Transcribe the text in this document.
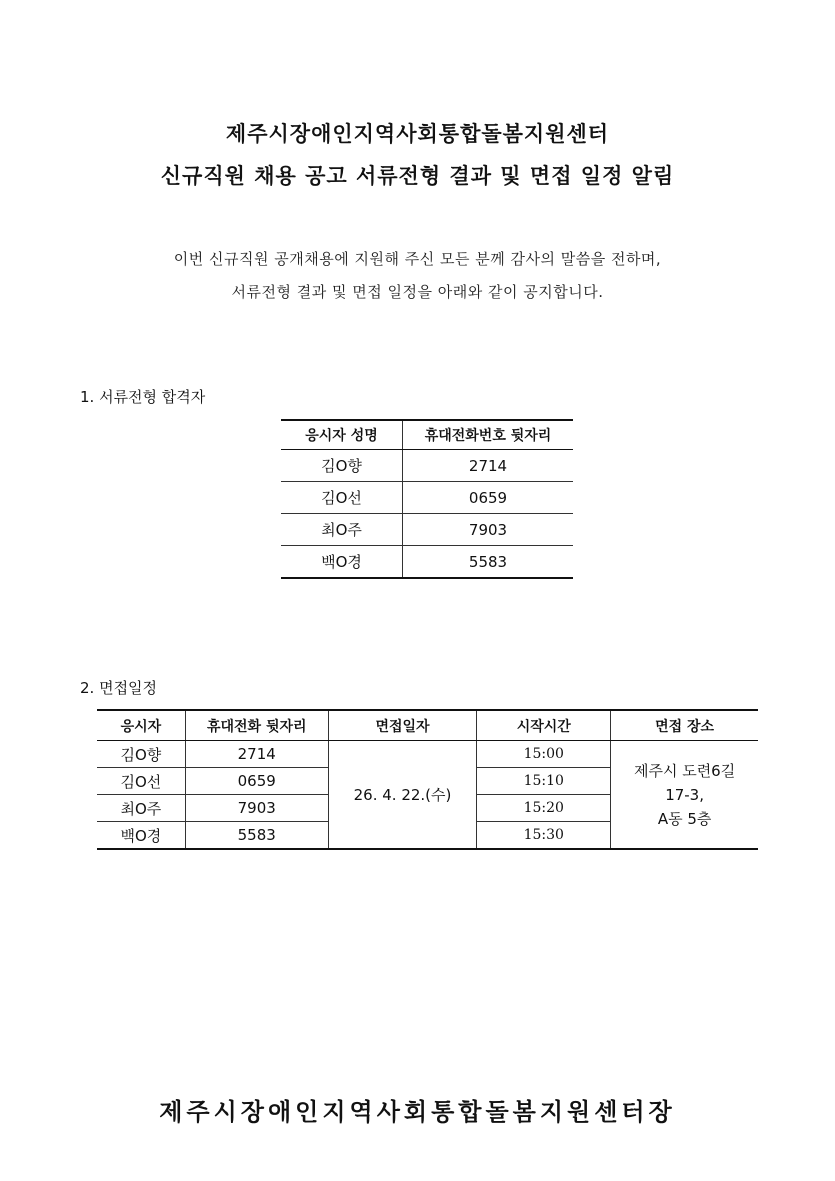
제주시장애인지역사회통합돌봄지원센터
신규직원 채용 공고 서류전형 결과 및 면접 일정 알림
이번 신규직원 공개채용에 지원해 주신 모든 분께 감사의 말씀을 전하며,
서류전형 결과 및 면접 일정을 아래와 같이 공지합니다.
1. 서류전형 합격자
응시자 성명	휴대전화번호 뒷자리
김O향	2714
김O선	0659
최O주	7903
백O경	5583
2. 면접일정
응시자	휴대전화 뒷자리	면접일자	시작시간	면접 장소
김O향	2714	26. 4. 22.(수)	15:00	제주시 도련6길
17-3,
A동 5층

김O선	0659		15:10	
최O주	7903		15:20	
백O경	5583		15:30	
제주시장애인지역사회통합돌봄지원센터장
